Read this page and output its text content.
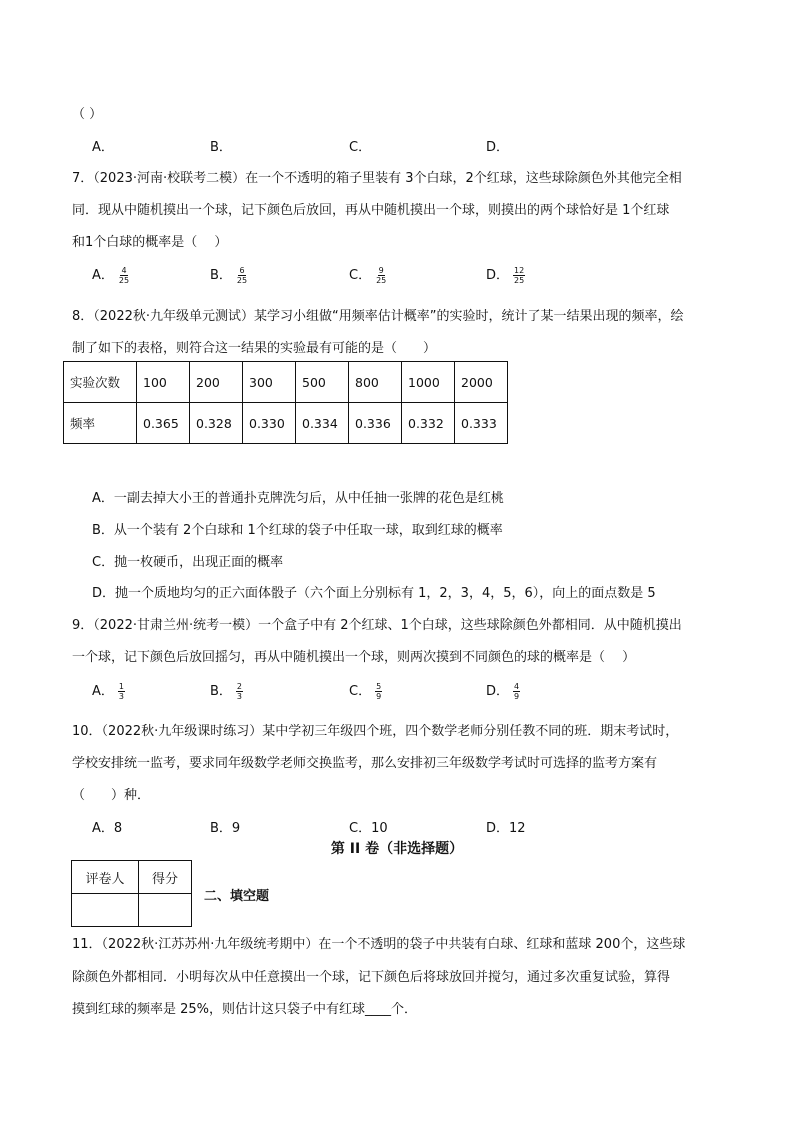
（ ）
A．	B．	C．	D．
7．（2023·河南·校联考二模）在一个不透明的箱子里装有 3个白球，2个红球，这些球除颜色外其他完全相
同．现从中随机摸出一个球，记下颜色后放回，再从中随机摸出一个球，则摸出的两个球恰好是 1个红球
和1个白球的概率是（　 ）
A． $\frac{4}{25}$	B． $\frac{6}{25}$	C． $\frac{9}{25}$	D． $\frac{12}{25}$
8．（2022秋·九年级单元测试）某学习小组做“用频率估计概率”的实验时，统计了某一结果出现的频率，绘
制了如下的表格，则符合这一结果的实验最有可能的是（　　）
实验次数	100	200	300	500	800	1000	2000
频率	0.365	0.328	0.330	0.334	0.336	0.332	0.333
A．一副去掉大小王的普通扑克牌洗匀后，从中任抽一张牌的花色是红桃
B．从一个装有 2个白球和 1个红球的袋子中任取一球，取到红球的概率
C．抛一枚硬币，出现正面的概率
D．抛一个质地均匀的正六面体骰子（六个面上分别标有 1，2，3，4，5，6），向上的面点数是 5
9．（2022·甘肃兰州·统考一模）一个盒子中有 2个红球、1个白球，这些球除颜色外都相同．从中随机摸出
一个球，记下颜色后放回摇匀，再从中随机摸出一个球，则两次摸到不同颜色的球的概率是（　 ）
A． $\frac{1}{3}$	B． $\frac{2}{3}$	C． $\frac{5}{9}$	D． $\frac{4}{9}$
10．（2022秋·九年级课时练习）某中学初三年级四个班，四个数学老师分别任教不同的班．期末考试时，
学校安排统一监考，要求同年级数学老师交换监考，那么安排初三年级数学考试时可选择的监考方案有
（　　）种．
A．8	B．9	C．10	D．12
第 II 卷（非选择题）
评卷人	得分

二、填空题
11．（2022秋·江苏苏州·九年级统考期中）在一个不透明的袋子中共装有白球、红球和蓝球 200个，这些球
除颜色外都相同．小明每次从中任意摸出一个球，记下颜色后将球放回并搅匀，通过多次重复试验，算得
摸到红球的频率是 25%，则估计这只袋子中有红球____个．
